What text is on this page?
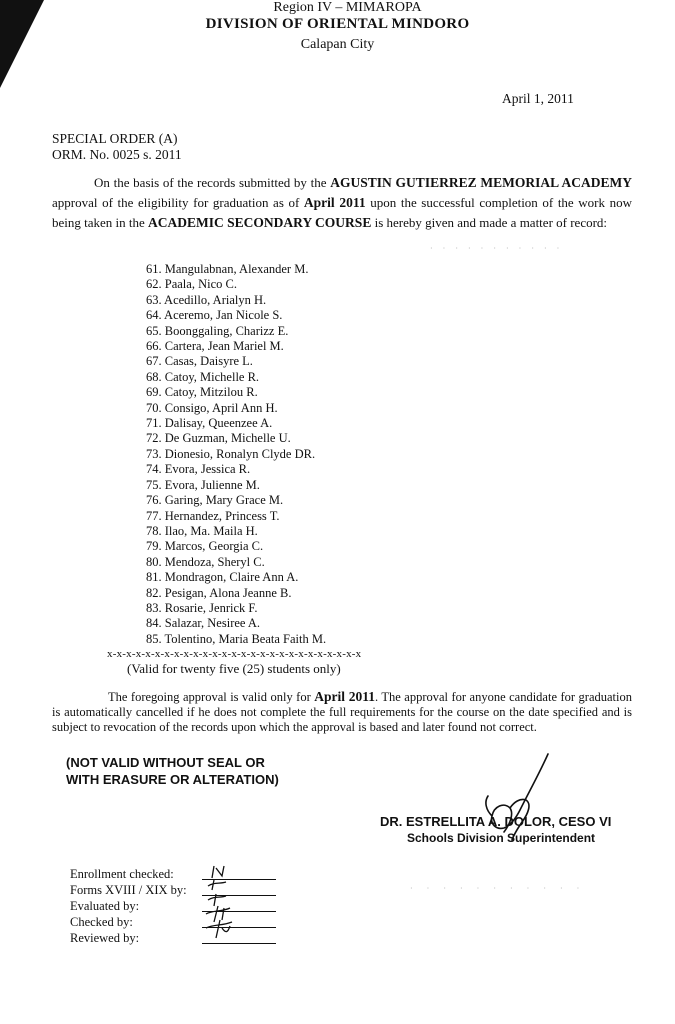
Region IV – MIMAROPA
DIVISION OF ORIENTAL MINDORO
Calapan City
April 1, 2011
SPECIAL ORDER (A)
ORM. No. 0025 s. 2011

On the basis of the records submitted by the AGUSTIN GUTIERREZ MEMORIAL ACADEMY approval of the eligibility for graduation as of April 2011 upon the successful completion of the work now being taken in the ACADEMIC SECONDARY COURSE is hereby given and made a matter of record:

· · · · · · · · · · ·
61. Mangulabnan, Alexander M.
62. Paala, Nico C.
63. Acedillo, Arialyn H.
64. Aceremo, Jan Nicole S.
65. Boonggaling, Charizz E.
66. Cartera, Jean Mariel M.
67. Casas, Daisyre L.
68. Catoy, Michelle R.
69. Catoy, Mitzilou R.
70. Consigo, April Ann H.
71. Dalisay, Queenzee A.
72. De Guzman, Michelle U.
73. Dionesio, Ronalyn Clyde DR.
74. Evora, Jessica R.
75. Evora, Julienne M.
76. Garing, Mary Grace M.
77. Hernandez, Princess T.
78. Ilao, Ma. Maila H.
79. Marcos, Georgia C.
80. Mendoza, Sheryl C.
81. Mondragon, Claire Ann A.
82. Pesigan, Alona Jeanne B.
83. Rosarie, Jenrick F.
84. Salazar, Nesiree A.
85. Tolentino, Maria Beata Faith M.
x-x-x-x-x-x-x-x-x-x-x-x-x-x-x-x-x-x-x-x-x-x-x-x-x-x-x
(Valid for twenty five (25) students only)

The foregoing approval is valid only for April 2011. The approval for anyone candidate for graduation is automatically cancelled if he does not complete the full requirements for the course on the date specified and is subject to revocation of the records upon which the approval is based and later found not correct.

(NOT VALID WITHOUT SEAL OR
WITH ERASURE OR ALTERATION)
DR. ESTRELLITA A. DOLOR, CESO VI
Schools Division Superintendent
Enrollment checked:
Forms XVIII / XIX by:
Evaluated by:
Checked by:
Reviewed by:
· · · · · · · · · · ·
